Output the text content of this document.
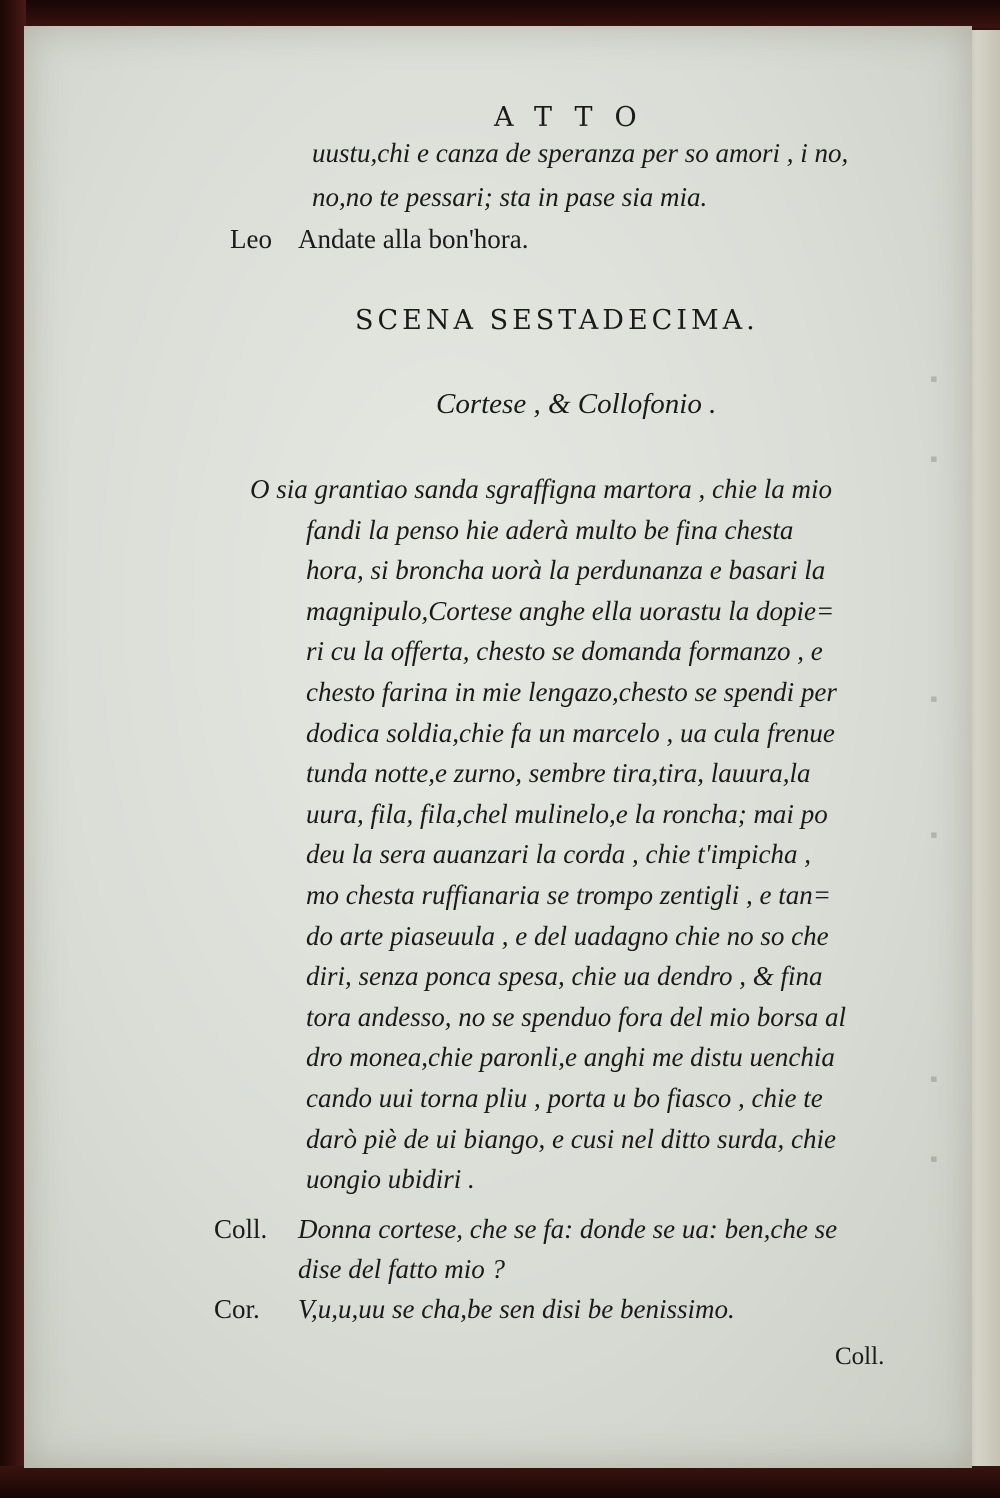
▪
▪
▪
▪
▪
▪
ATTO
uustu,chi e canza de speranza per so amori , i no,
no,no te pessari; sta in pase sia mia.
Leo Andate alla bon'hora.
SCENA SESTADECIMA.
Cortese , & Collofonio .
O sia grantiao sanda sgraffigna martora , chie la mio
fandi la penso hie aderà multo be fina chesta
hora, si broncha uorà la perdunanza e basari la
magnipulo,Cortese anghe ella uorastu la dopie=
ri cu la offerta, chesto se domanda formanzo , e
chesto farina in mie lengazo,chesto se spendi per
dodica soldia,chie fa un marcelo , ua cula frenue
tunda notte,e zurno, sembre tira,tira, lauura,la
uura, fila, fila,chel mulinelo,e la roncha; mai po
deu la sera auanzari la corda , chie t'impicha ,
mo chesta ruffianaria se trompo zentigli , e tan=
do arte piaseuula , e del uadagno chie no so che
diri, senza ponca spesa, chie ua dendro , & fina
tora andesso, no se spenduo fora del mio borsa al
dro monea,chie paronli,e anghi me distu uenchia
cando uui torna pliu , porta u bo fiasco , chie te
darò piè de ui biango, e cusi nel ditto surda, chie
uongio ubidiri .
Coll. Donna cortese, che se fa: donde se ua: ben,che se
dise del fatto mio ?
Cor. V,u,u,uu se cha,be sen disi be benissimo.
Coll.
